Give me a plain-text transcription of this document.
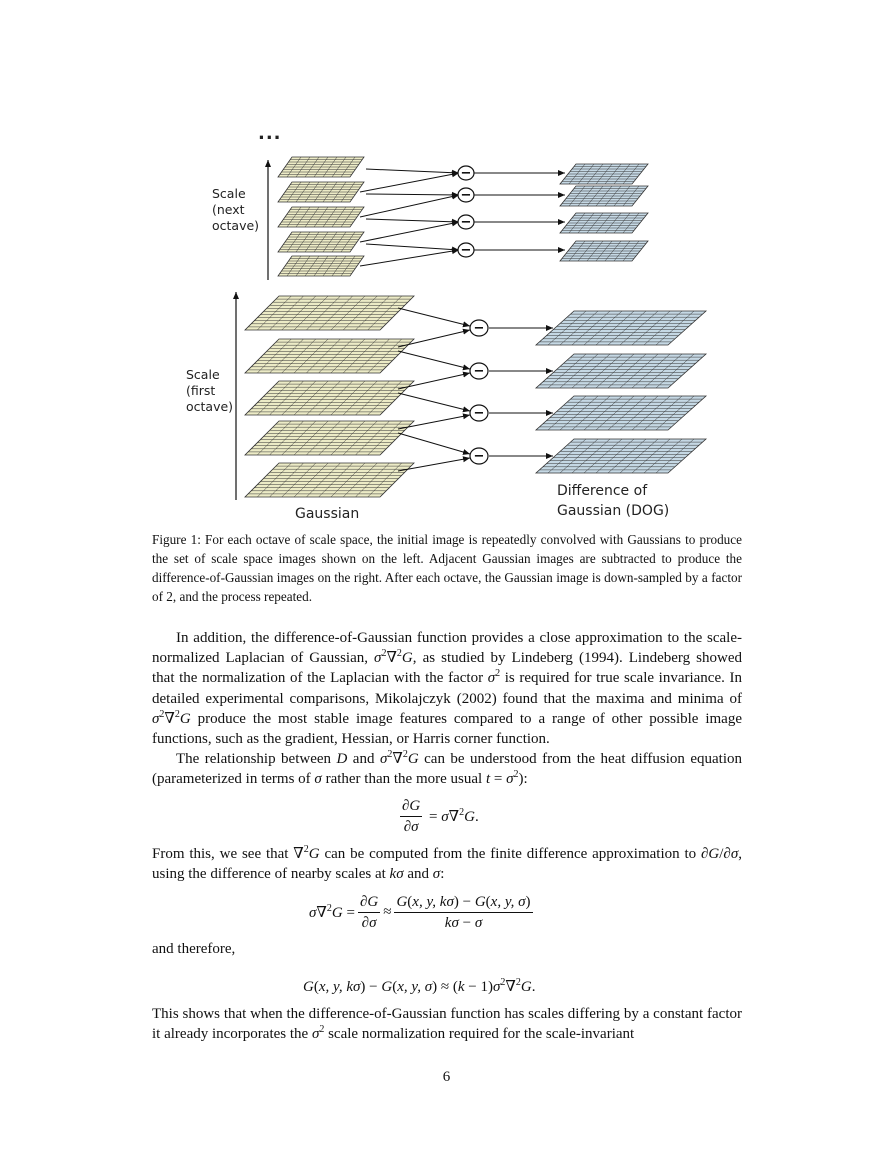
−
−
−
−
−
−
−
−
...
Scale
(next
octave)
Scale
(first
octave)
Gaussian
Difference of
Gaussian (DOG)

Figure 1: For each octave of scale space, the initial image is repeatedly convolved with Gaussians to produce the set of scale space images shown on the left. Adjacent Gaussian images are subtracted to produce the difference-of-Gaussian images on the right. After each octave, the Gaussian image is down-sampled by a factor of 2, and the process repeated.

In addition, the difference-of-Gaussian function provides a close approximation to the scale-normalized Laplacian of Gaussian, $\sigma^2\nabla^2G$, as studied by Lindeberg (1994). Lindeberg showed that the normalization of the Laplacian with the factor $\sigma^2$ is required for true scale invariance. In detailed experimental comparisons, Mikolajczyk (2002) found that the maxima and minima of $\sigma^2\nabla^2G$ produce the most stable image features compared to a range of other possible image functions, such as the gradient, Hessian, or Harris corner function.

The relationship between D and $\sigma^2\nabla^2G$ can be understood from the heat diffusion equation (parameterized in terms of σ rather than the more usual $t = \sigma^2$):

$\frac{\partial G}{\partial\sigma} = \sigma\nabla^2G$.

From this, we see that ∇$^2$G can be computed from the finite difference approximation to ∂G/∂σ, using the difference of nearby scales at kσ and σ:

$\sigma\nabla^2G = \frac{\partial G}{\partial\sigma} \approx \frac{G(x, y, k\sigma) - G(x, y, \sigma)}{k\sigma - \sigma}$

and therefore,

G(x, y, kσ) − G(x, y, $\sigma) \approx (k - 1)\sigma^2\nabla^2G$.

This shows that when the difference-of-Gaussian function has scales differing by a constant factor it already incorporates the $\sigma^2$ scale normalization required for the scale-invariant

6
